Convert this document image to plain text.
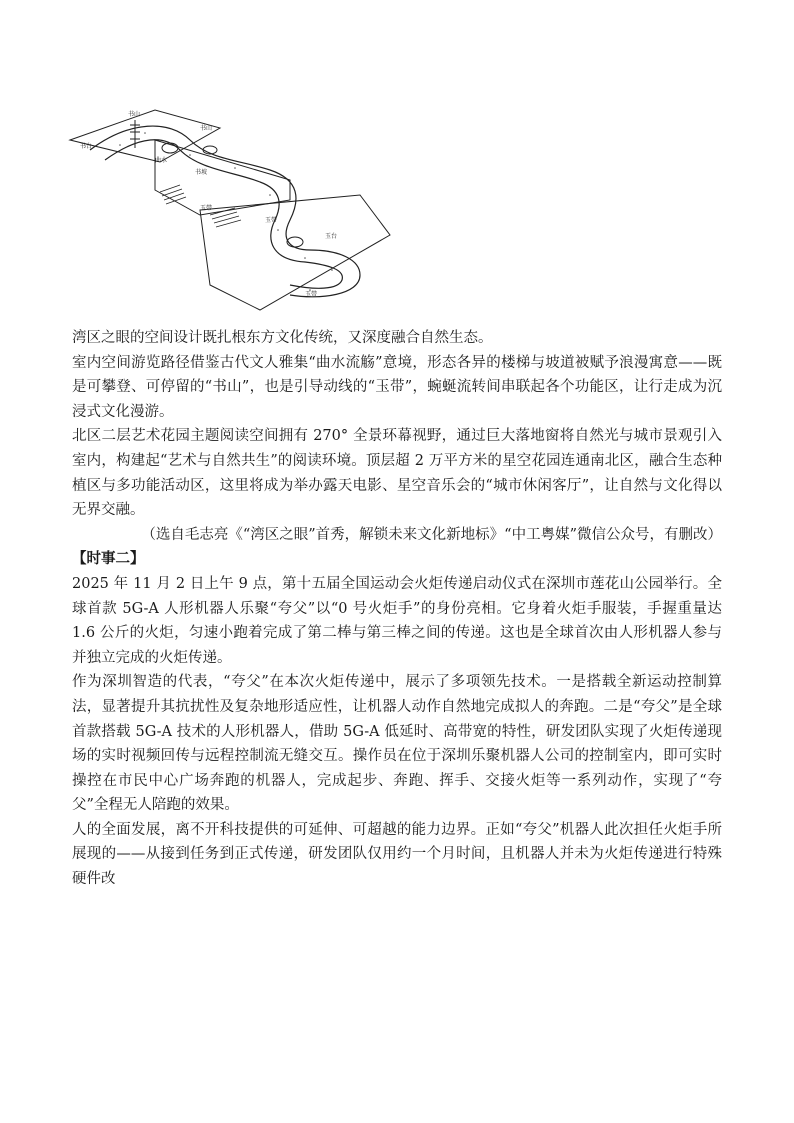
书山
书台
书山
曲水
书坡
玉带
玉带
玉台
玉带

湾区之眼的空间设计既扎根东方文化传统，又深度融合自然生态。

室内空间游览路径借鉴古代文人雅集“曲水流觞”意境，形态各异的楼梯与坡道被赋予浪漫寓意——既是可攀登、可停留的“书山”，也是引导动线的“玉带”，蜿蜒流转间串联起各个功能区，让行走成为沉浸式文化漫游。

北区二层艺术花园主题阅读空间拥有 270° 全景环幕视野，通过巨大落地窗将自然光与城市景观引入室内，构建起“艺术与自然共生”的阅读环境。顶层超 2 万平方米的星空花园连通南北区，融合生态种植区与多功能活动区，这里将成为举办露天电影、星空音乐会的“城市休闲客厅”，让自然与文化得以无界交融。

（选自毛志亮《“湾区之眼”首秀，解锁未来文化新地标》“中工粤媒”微信公众号，有删改）

【时事二】

2025 年 11 月 2 日上午 9 点，第十五届全国运动会火炬传递启动仪式在深圳市莲花山公园举行。全球首款 5G-A 人形机器人乐聚“夸父”以“0 号火炬手”的身份亮相。它身着火炬手服装，手握重量达 1.6 公斤的火炬，匀速小跑着完成了第二棒与第三棒之间的传递。这也是全球首次由人形机器人参与并独立完成的火炬传递。

作为深圳智造的代表，“夸父”在本次火炬传递中，展示了多项领先技术。一是搭载全新运动控制算法，显著提升其抗扰性及复杂地形适应性，让机器人动作自然地完成拟人的奔跑。二是“夸父”是全球首款搭载 5G-A 技术的人形机器人，借助 5G-A 低延时、高带宽的特性，研发团队实现了火炬传递现场的实时视频回传与远程控制流无缝交互。操作员在位于深圳乐聚机器人公司的控制室内，即可实时操控在市民中心广场奔跑的机器人，完成起步、奔跑、挥手、交接火炬等一系列动作，实现了“夸父”全程无人陪跑的效果。

人的全面发展，离不开科技提供的可延伸、可超越的能力边界。正如“夸父”机器人此次担任火炬手所展现的——从接到任务到正式传递，研发团队仅用约一个月时间，且机器人并未为火炬传递进行特殊硬件改
